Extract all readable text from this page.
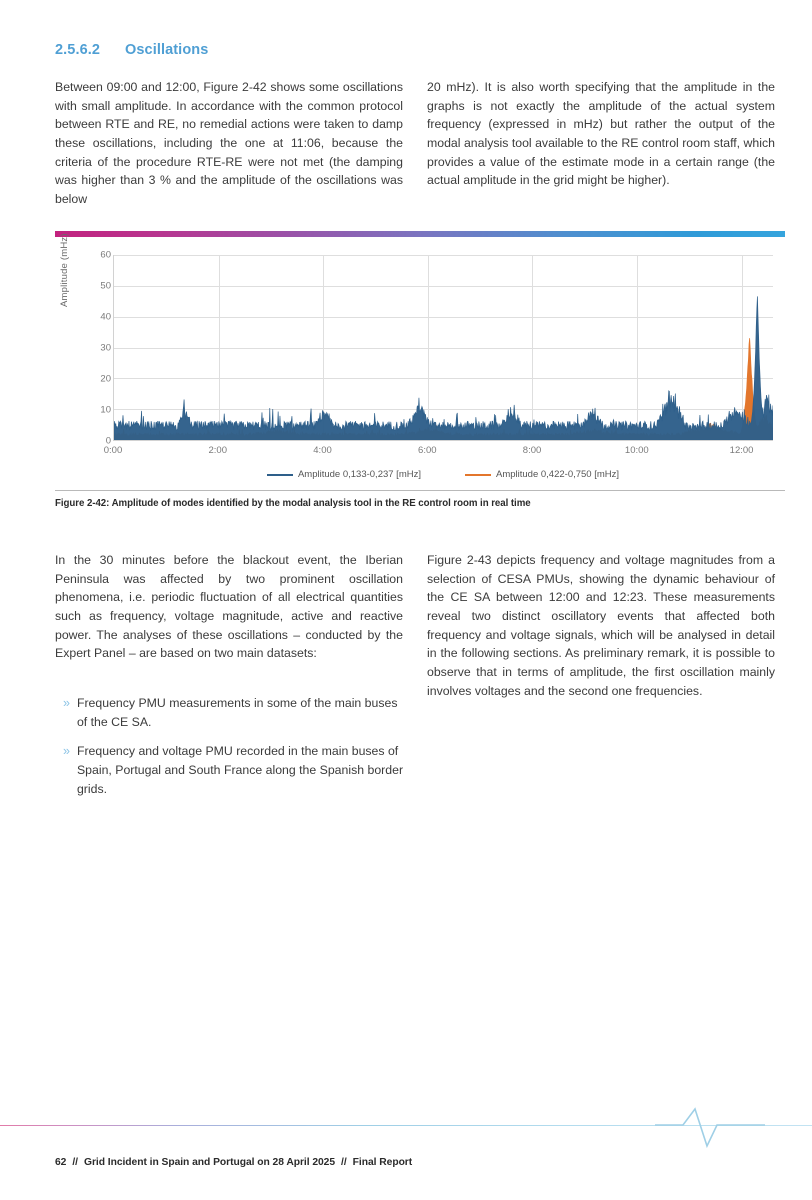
2.5.6.2	Oscillations

Between 09:00 and 12:00, Figure 2-42 shows some oscillations with small amplitude. In accordance with the common protocol between RTE and RE, no remedial actions were taken to damp these oscillations, including the one at 11:06, because the criteria of the procedure RTE-RE were not met (the damping was higher than 3 % and the amplitude of the oscillations was below

20 mHz). It is also worth specifying that the amplitude in the graphs is not exactly the amplitude of the actual system frequency (expressed in mHz) but rather the output of the modal analysis tool available to the RE control room staff, which provides a value of the estimate mode in a certain range (the actual amplitude in the grid might be higher).

Amplitude (mHz)	60
50
40
30
20
10
0
0:00	2:00	4:00	6:00	8:00	10:00	12:00
Amplitude 0,133-0,237 [mHz]	Amplitude 0,422-0,750 [mHz]
Figure 2-42: Amplitude of modes identified by the modal analysis tool in the RE control room in real time

In the 30 minutes before the blackout event, the Iberian Peninsula was affected by two prominent oscillation phenomena, i.e. periodic fluctuation of all electrical quantities such as frequency, voltage magnitude, active and reactive power. The analyses of these oscillations – conducted by the Expert Panel – are based on two main datasets:

Figure 2-43 depicts frequency and voltage magnitudes from a selection of CESA PMUs, showing the dynamic behaviour of the CE SA between 12:00 and 12:23. These measurements reveal two distinct oscillatory events that affected both frequency and voltage signals, which will be analysed in detail in the following sections. As preliminary remark, it is possible to observe that in terms of amplitude, the first oscillation mainly involves voltages and the second one frequencies.

» Frequency PMU measurements in some of the main buses of the CE SA.
» Frequency and voltage PMU recorded in the main buses of Spain, Portugal and South France along the Spanish border grids.
62 // Grid Incident in Spain and Portugal on 28 April 2025 // Final Report
